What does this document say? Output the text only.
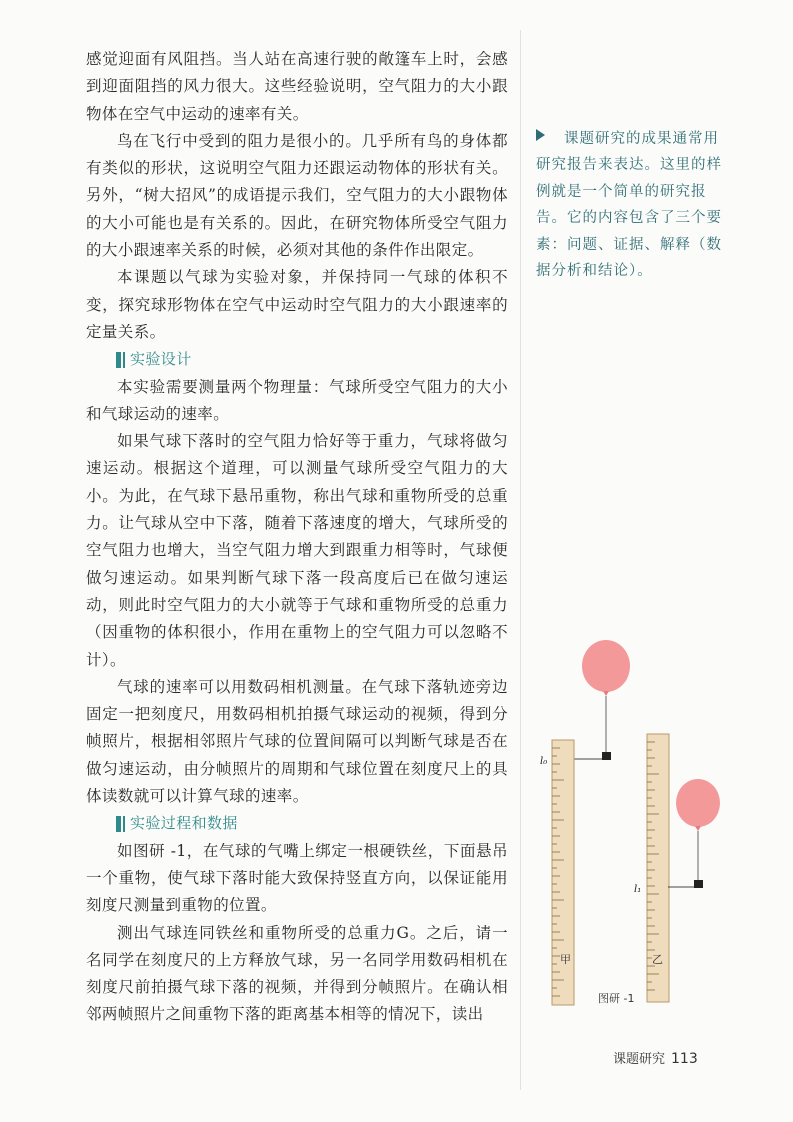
感觉迎面有风阻挡。当人站在高速行驶的敞篷车上时，会感到迎面阻挡的风力很大。这些经验说明，空气阻力的大小跟物体在空气中运动的速率有关。

鸟在飞行中受到的阻力是很小的。几乎所有鸟的身体都有类似的形状，这说明空气阻力还跟运动物体的形状有关。另外，“树大招风”的成语提示我们，空气阻力的大小跟物体的大小可能也是有关系的。因此，在研究物体所受空气阻力的大小跟速率关系的时候，必须对其他的条件作出限定。

本课题以气球为实验对象，并保持同一气球的体积不变，探究球形物体在空气中运动时空气阻力的大小跟速率的定量关系。

实验设计

本实验需要测量两个物理量：气球所受空气阻力的大小和气球运动的速率。

如果气球下落时的空气阻力恰好等于重力，气球将做匀速运动。根据这个道理，可以测量气球所受空气阻力的大小。为此，在气球下悬吊重物，称出气球和重物所受的总重力。让气球从空中下落，随着下落速度的增大，气球所受的空气阻力也增大，当空气阻力增大到跟重力相等时，气球便做匀速运动。如果判断气球下落一段高度后已在做匀速运动，则此时空气阻力的大小就等于气球和重物所受的总重力（因重物的体积很小，作用在重物上的空气阻力可以忽略不计）。

气球的速率可以用数码相机测量。在气球下落轨迹旁边固定一把刻度尺，用数码相机拍摄气球运动的视频，得到分帧照片，根据相邻照片气球的位置间隔可以判断气球是否在做匀速运动，由分帧照片的周期和气球位置在刻度尺上的具体读数就可以计算气球的速率。

实验过程和数据

如图研 -1，在气球的气嘴上绑定一根硬铁丝，下面悬吊一个重物，使气球下落时能大致保持竖直方向，以保证能用刻度尺测量到重物的位置。

测出气球连同铁丝和重物所受的总重力G。之后，请一名同学在刻度尺的上方释放气球，另一名同学用数码相机在刻度尺前拍摄气球下落的视频，并得到分帧照片。在确认相邻两帧照片之间重物下落的距离基本相等的情况下，读出

课题研究的成果通常用研究报告来表达。这里的样例就是一个简单的研究报告。它的内容包含了三个要素：问题、证据、解释（数据分析和结论）。
l₀
l₁
甲	乙
图研 -1
课题研究 113
